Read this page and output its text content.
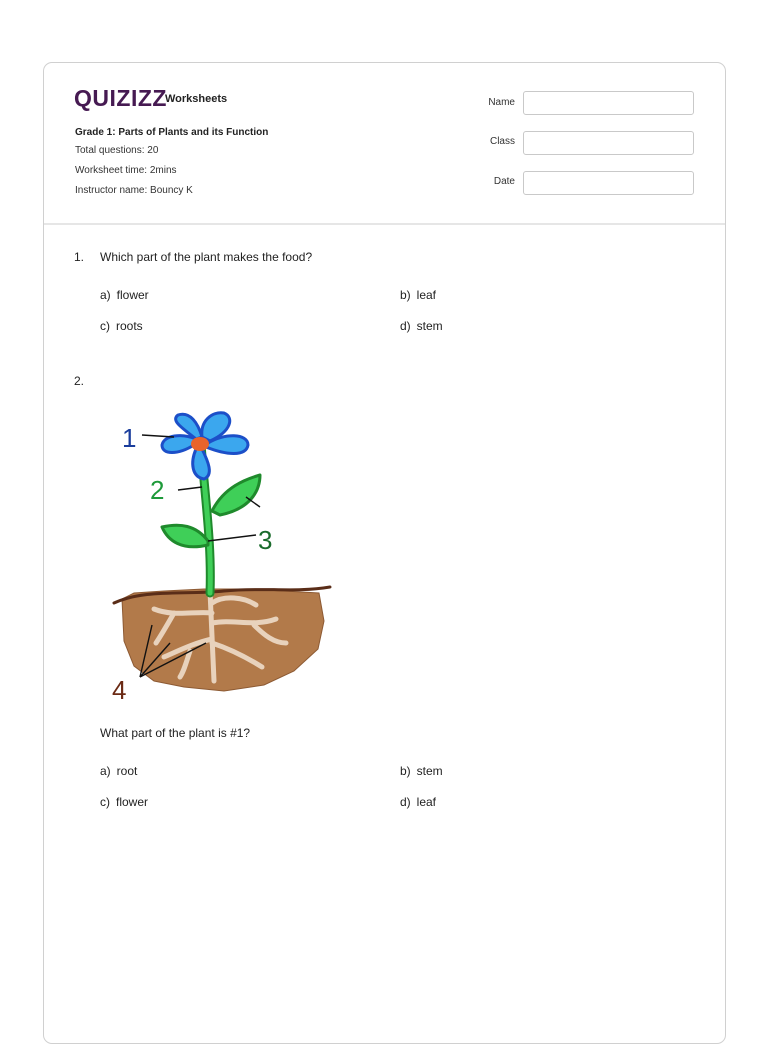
QUIZIZZ
Worksheets
Grade 1: Parts of Plants and its Function
Total questions: 20
Worksheet time: 2mins
Instructor name: Bouncy K
Name
Class
Date
1. Which part of the plant makes the food?
a) flower	b) leaf
c) roots	d) stem
2.
1
2
3
4
What part of the plant is #1?
a) root	b) stem
c) flower	d) leaf
